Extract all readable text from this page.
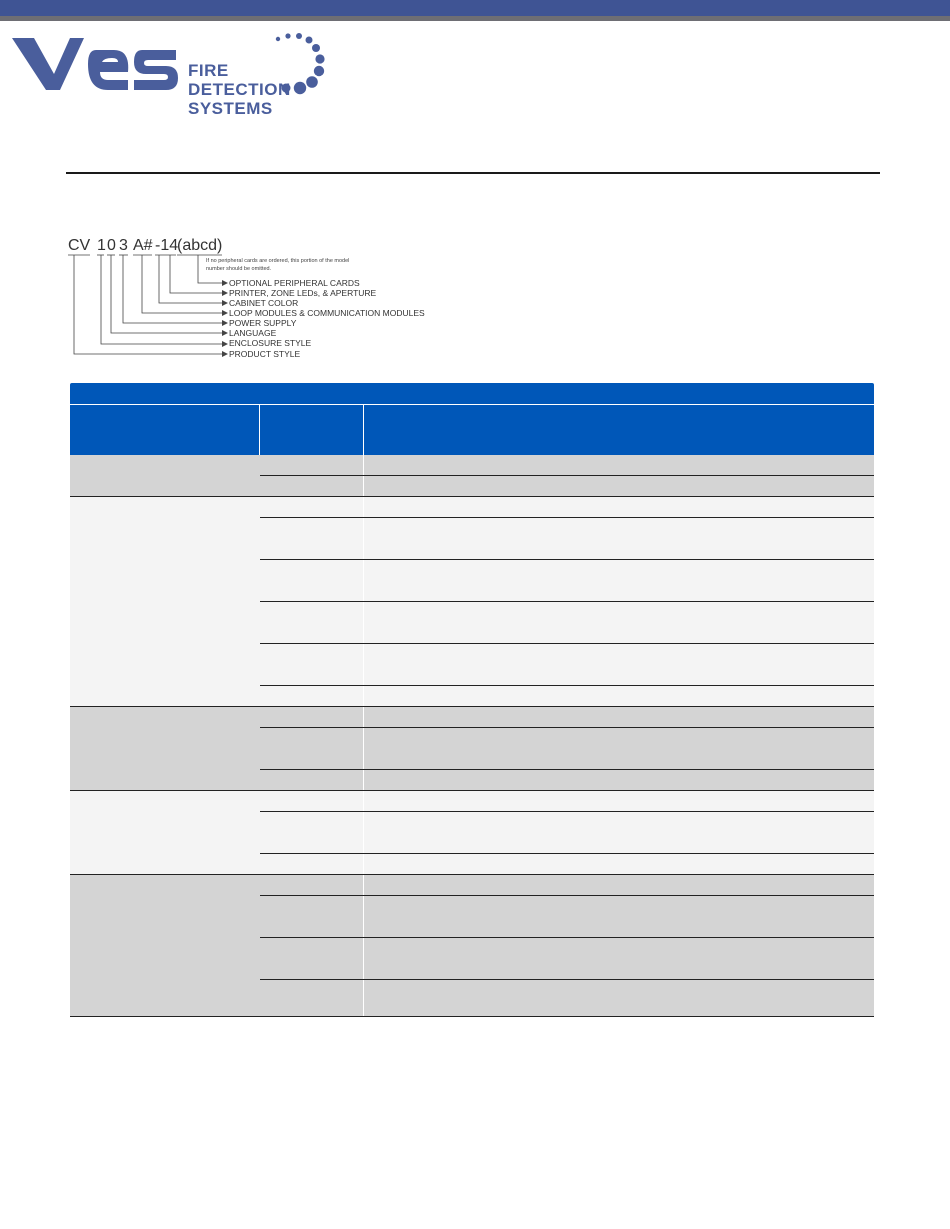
FIRE
DETECTION
SYSTEMS
CV 1 0 3 A# -14
(abcd)
If no peripheral cards are ordered, this portion of the model number should be omitted.
OPTIONAL PERIPHERAL CARDS
PRINTER, ZONE LEDs, & APERTURE
CABINET COLOR
LOOP MODULES & COMMUNICATION MODULES
POWER SUPPLY
LANGUAGE
ENCLOSURE STYLE
PRODUCT STYLE
